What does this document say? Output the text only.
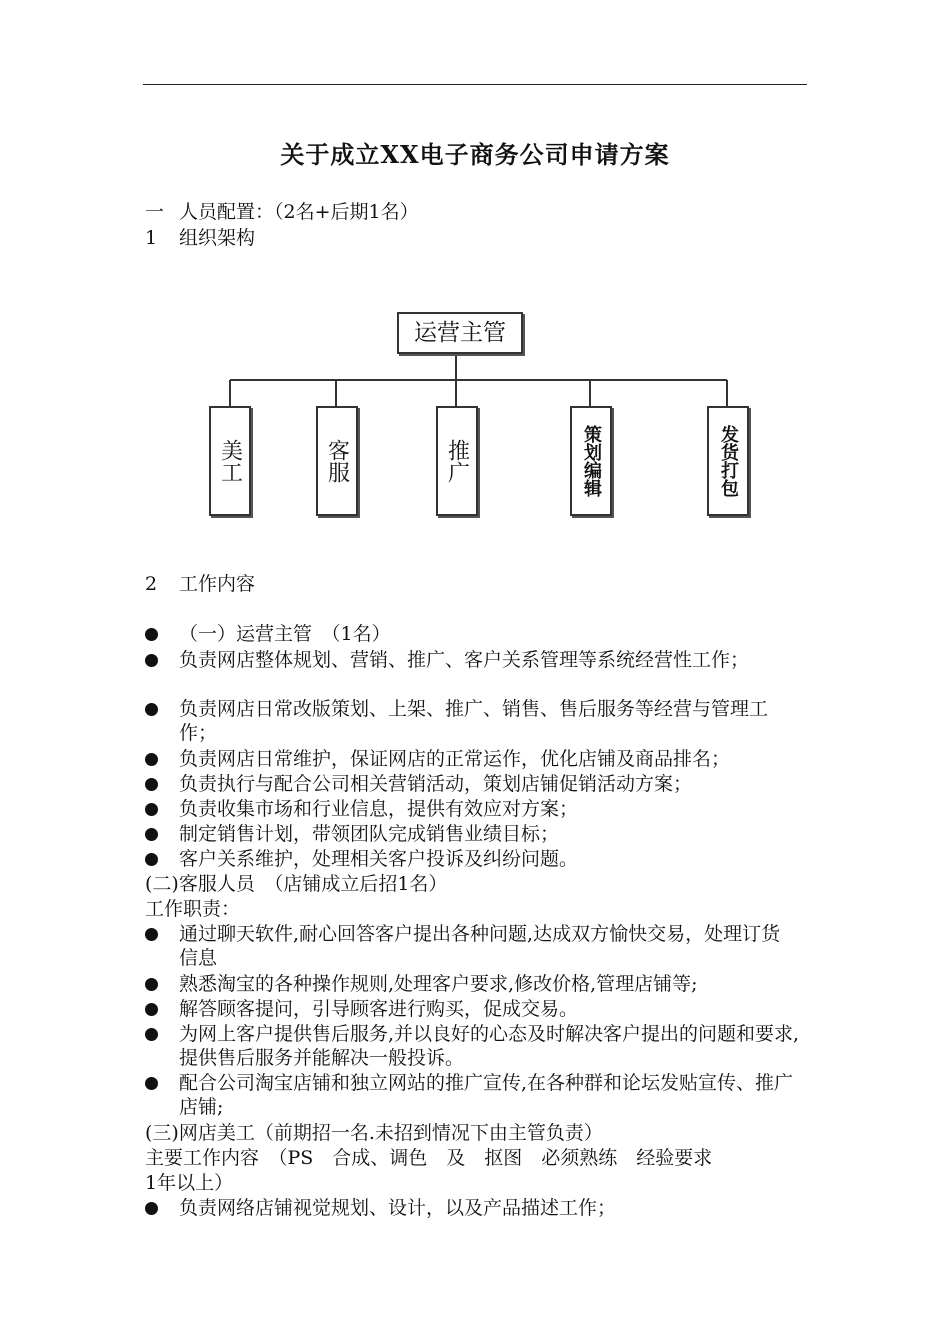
关于成立XX电子商务公司申请方案
一 人员配置：（2名+后期1名）
1 组织架构
运营主管
美工	客服	推广	策划编辑	发货打包
2 工作内容
（一）运营主管　（1名）
负责网店整体规划、营销、推广、客户关系管理等系统经营性工作；
负责网店日常改版策划、上架、推广、销售、售后服务等经营与管理工作；
负责网店日常维护，保证网店的正常运作，优化店铺及商品排名；
负责执行与配合公司相关营销活动，策划店铺促销活动方案；
负责收集市场和行业信息，提供有效应对方案；
制定销售计划，带领团队完成销售业绩目标；
客户关系维护，处理相关客户投诉及纠纷问题。
(二)客服人员　（店铺成立后招1名）
工作职责：
通过聊天软件,耐心回答客户提出各种问题,达成双方愉快交易，处理订货信息
熟悉淘宝的各种操作规则,处理客户要求,修改价格,管理店铺等;
解答顾客提问，引导顾客进行购买，促成交易。
为网上客户提供售后服务,并以良好的心态及时解决客户提出的问题和要求,提供售后服务并能解决一般投诉。
配合公司淘宝店铺和独立网站的推广宣传,在各种群和论坛发贴宣传、推广店铺;
(三)网店美工（前期招一名.未招到情况下由主管负责）
主要工作内容　（PS　合成、调色　及　抠图　必须熟练　经验要求
1年以上）
负责网络店铺视觉规划、设计，以及产品描述工作；
